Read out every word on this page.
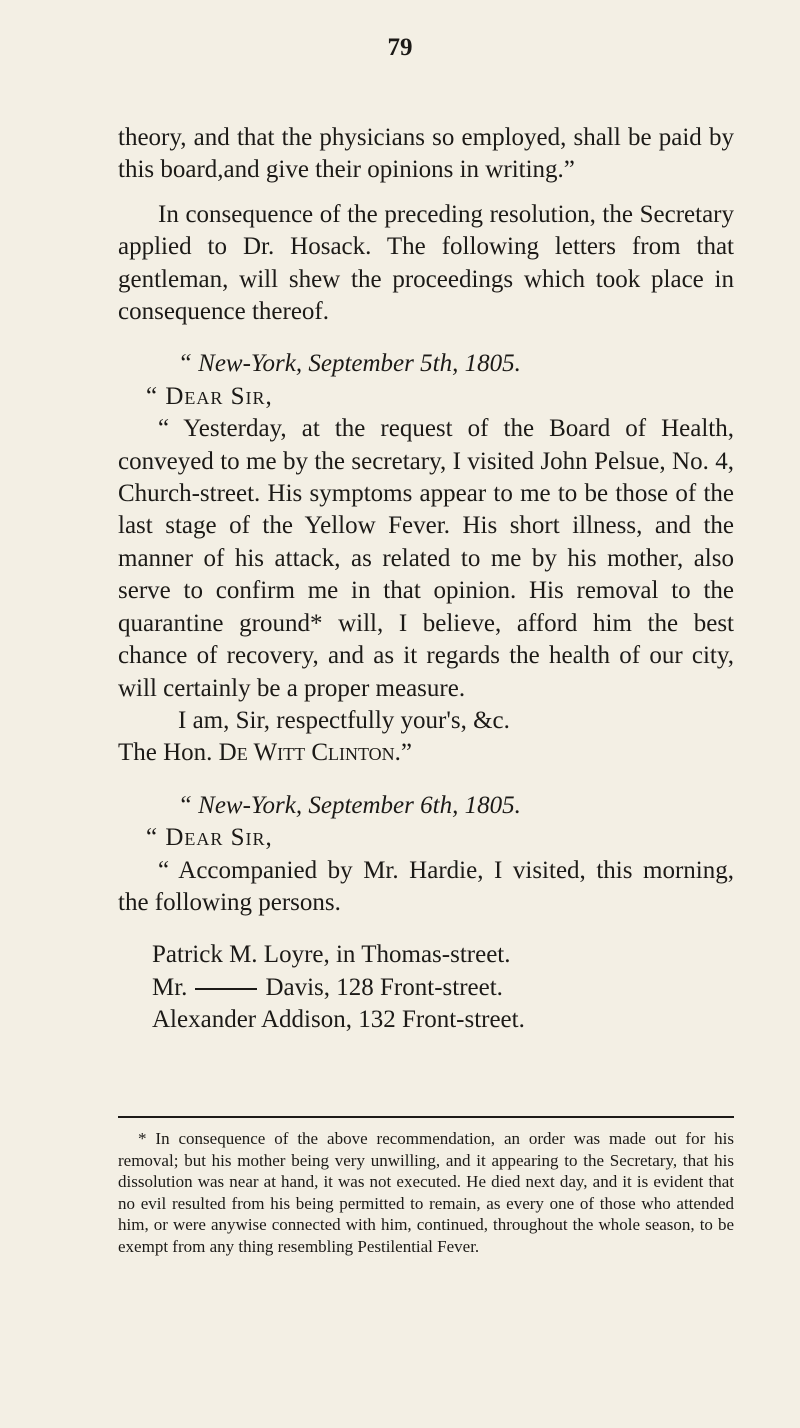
79

theory, and that the physicians so employed, shall be paid by this board,and give their opinions in writing.”

In consequence of the preceding resolution, the Secretary applied to Dr. Hosack. The following letters from that gentleman, will shew the proceedings which took place in consequence thereof.

“ New-York, September 5th, 1805.

“ Dear Sir,

“ Yesterday, at the request of the Board of Health, conveyed to me by the secretary, I visited John Pelsue, No. 4, Church-street. His symptoms appear to me to be those of the last stage of the Yellow Fever. His short illness, and the manner of his attack, as related to me by his mother, also serve to confirm me in that opinion. His removal to the quarantine ground* will, I believe, afford him the best chance of recovery, and as it regards the health of our city, will certainly be a proper measure.

I am, Sir, respectfully your's, &c.

The Hon. De Witt Clinton.”

“ New-York, September 6th, 1805.

“ Dear Sir,

“ Accompanied by Mr. Hardie, I visited, this morning, the following persons.

Patrick M. Loyre, in Thomas-street.

Mr.	Davis, 128 Front-street.

Alexander Addison, 132 Front-street.

* In consequence of the above recommendation, an order was made out for his removal; but his mother being very unwilling, and it appearing to the Secretary, that his dissolution was near at hand, it was not executed. He died next day, and it is evident that no evil resulted from his being permitted to remain, as every one of those who attended him, or were anywise connected with him, continued, throughout the whole season, to be exempt from any thing resembling Pestilential Fever.
